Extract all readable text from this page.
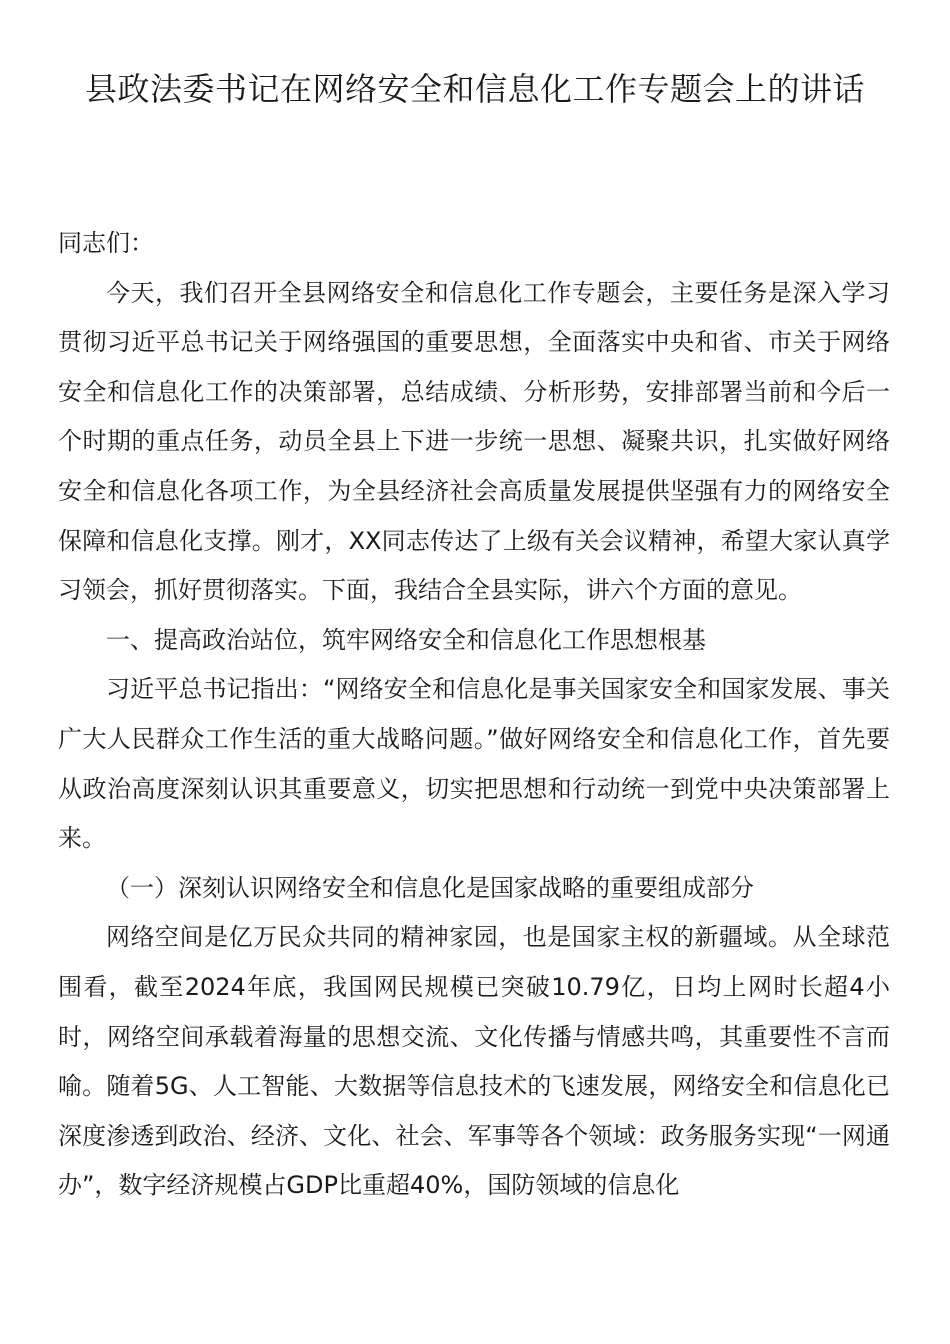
县政法委书记在网络安全和信息化工作专题会上的讲话

同志们：

今天，我们召开全县网络安全和信息化工作专题会，主要任务是深入学习贯彻习近平总书记关于网络强国的重要思想，全面落实中央和省、市关于网络安全和信息化工作的决策部署，总结成绩、分析形势，安排部署当前和今后一个时期的重点任务，动员全县上下进一步统一思想、凝聚共识，扎实做好网络安全和信息化各项工作，为全县经济社会高质量发展提供坚强有力的网络安全保障和信息化支撑。刚才，XX同志传达了上级有关会议精神，希望大家认真学习领会，抓好贯彻落实。下面，我结合全县实际，讲六个方面的意见。

一、提高政治站位，筑牢网络安全和信息化工作思想根基

习近平总书记指出：“网络安全和信息化是事关国家安全和国家发展、事关广大人民群众工作生活的重大战略问题。”做好网络安全和信息化工作，首先要从政治高度深刻认识其重要意义，切实把思想和行动统一到党中央决策部署上来。

（一）深刻认识网络安全和信息化是国家战略的重要组成部分

网络空间是亿万民众共同的精神家园，也是国家主权的新疆域。从全球范围看，截至2024年底，我国网民规模已突破10.79亿，日均上网时长超4小时，网络空间承载着海量的思想交流、文化传播与情感共鸣，其重要性不言而喻。随着5G、人工智能、大数据等信息技术的飞速发展，网络安全和信息化已深度渗透到政治、经济、文化、社会、军事等各个领域：政务服务实现“一网通办”，数字经济规模占GDP比重超40%，国防领域的信息化
